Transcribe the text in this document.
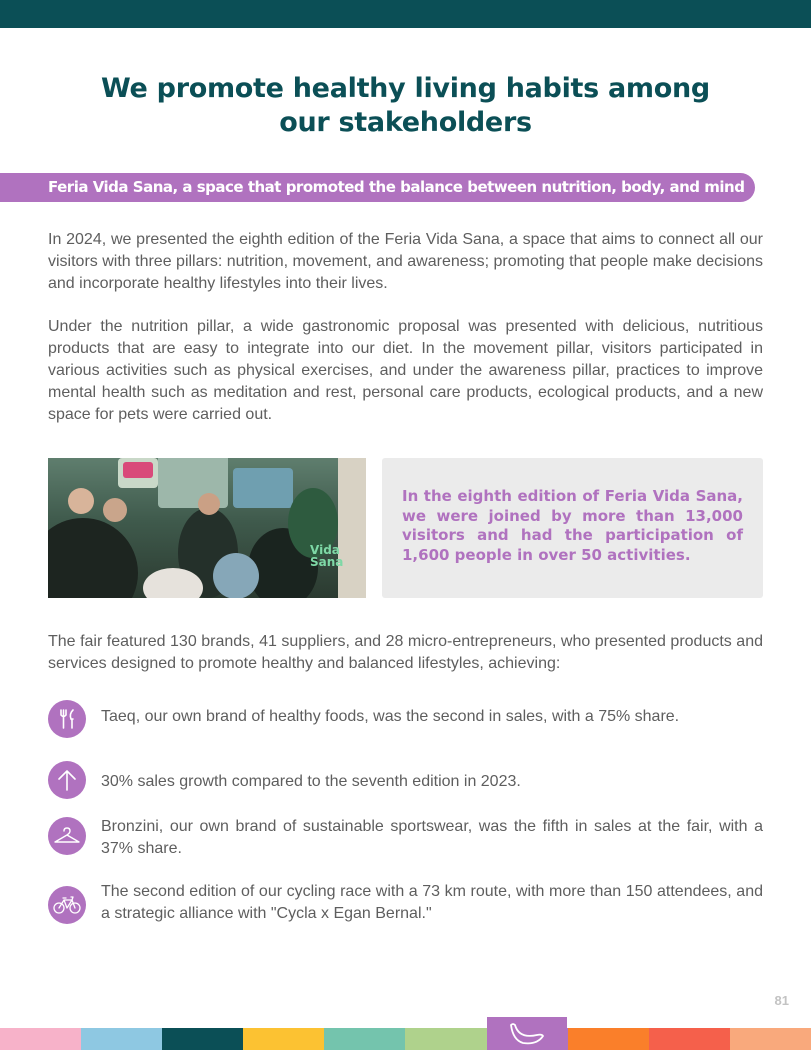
We promote healthy living habits among
our stakeholders
Feria Vida Sana, a space that promoted the balance between nutrition, body, and mind

In 2024, we presented the eighth edition of the Feria Vida Sana, a space that aims to connect all our visitors with three pillars: nutrition, movement, and awareness; promoting that people make decisions and incorporate healthy lifestyles into their lives.

Under the nutrition pillar, a wide gastronomic proposal was presented with delicious, nutritious products that are easy to integrate into our diet. In the movement pillar, visitors participated in various activities such as physical exercises, and under the awareness pillar, practices to improve mental health such as meditation and rest, personal care products, ecological products, and a new space for pets were carried out.

Vida
Sana

In the eighth edition of Feria Vida Sana, we were joined by more than 13,000 visitors and had the participation of 1,600 people in over 50 activities.

The fair featured 130 brands, 41 suppliers, and 28 micro-entrepreneurs, who presented products and services designed to promote healthy and balanced lifestyles, achieving:

Taeq, our own brand of healthy foods, was the second in sales, with a 75% share.

30% sales growth compared to the seventh edition in 2023.

Bronzini, our own brand of sustainable sportswear, was the fifth in sales at the fair, with a 37% share.

The second edition of our cycling race with a 73 km route, with more than 150 attendees, and a strategic alliance with "Cycla x Egan Bernal."

81
